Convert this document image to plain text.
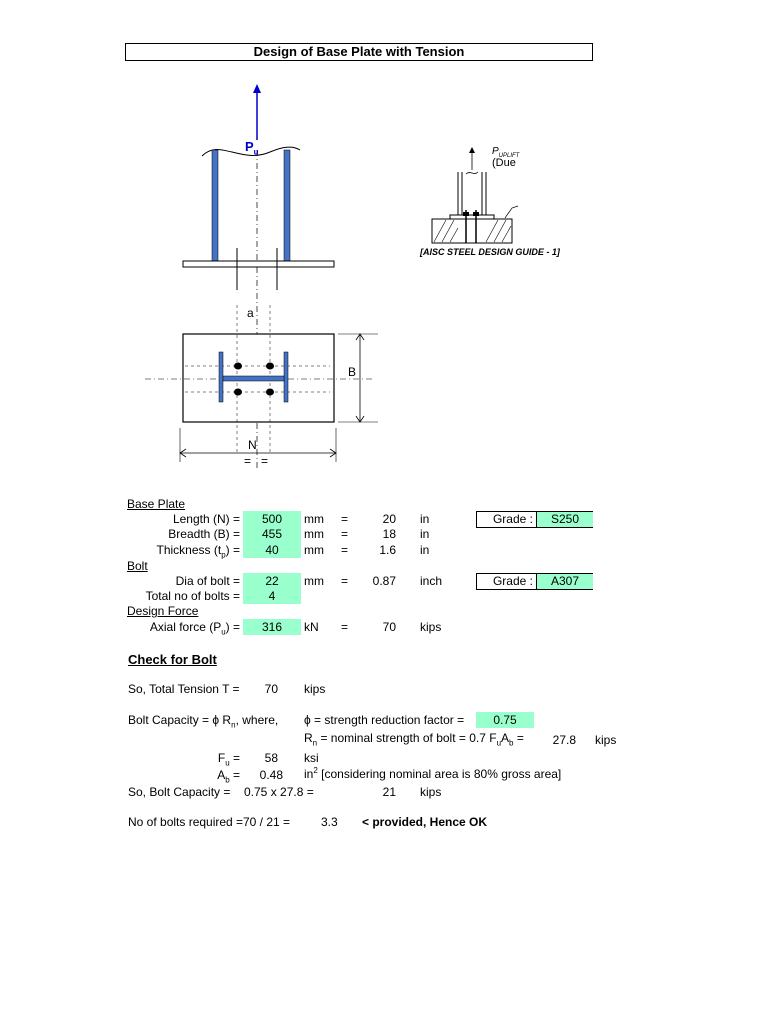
Design of Base Plate with Tension
$P_u$
a
B
N
= =
$P_{UPLIFT}$
(Due
[AISC STEEL DESIGN GUIDE - 1]
Base Plate
Length (N) =	500	mm =	20 in	Grade :	S250
Breadth (B) =	455	mm =	18 in
Thickness $(t_p)$ =	40	mm =	1.6 in
Bolt
Dia of bolt =	22	mm =	0.87 inch	Grade :	A307
Total no of bolts =	4
Design Force
Axial force $(P_u)$ =	316	kN =	70 kips
Check for Bolt
So, Total Tension T =	70 kips
Bolt Capacity = ϕ $R_n$, where, ϕ = strength reduction factor =	0.75
$R_n$ = nominal strength of bolt = 0.7 $F_uA_b$ =	27.8 kips
$F_u$ =	58 ksi
$A_b$ =	0.48 $in^2$ [considering nominal area is 80% gross area]
So, Bolt Capacity = 0.75 x 27.8 =	21 kips
No of bolts required = 70 / 21 =	3.3 < provided, Hence OK
